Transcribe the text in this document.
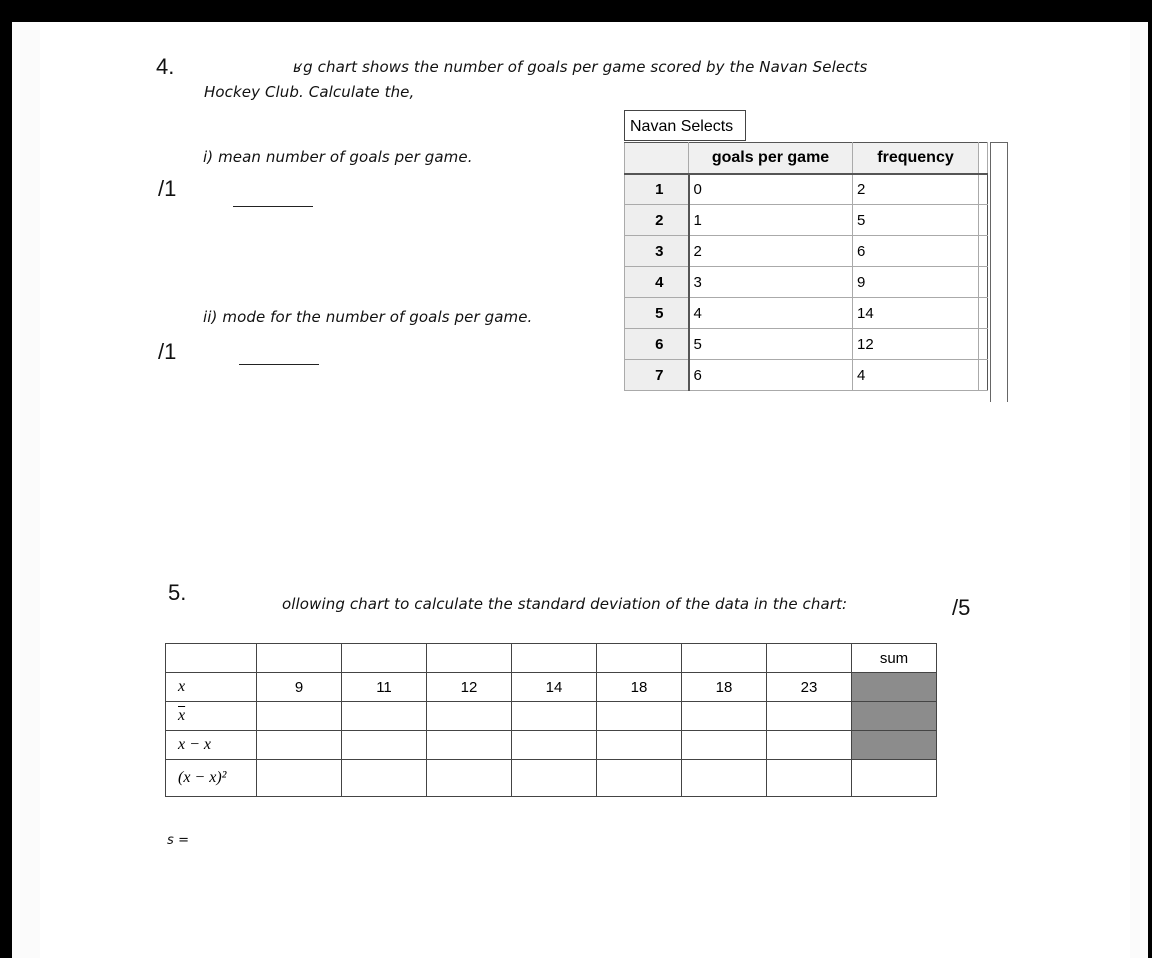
4.	ʁg chart shows the number of goals per game scored by the Navan Selects
Hockey Club. Calculate the,
i) mean number of goals per game.
/1
ii) mode for the number of goals per game.
/1
5.	ollowing chart to calculate the standard deviation of the data in the chart:	/5
s =
Navan Selects
	goals per game	frequency	
1	0	2	
2	1	5	
3	2	6	
4	3	9	
5	4	14	
6	5	12	
7	6	4	
								sum
x	9	11	12	14	18	18	23	
$\overline{x}$								
x − x								
(x − x)²								
